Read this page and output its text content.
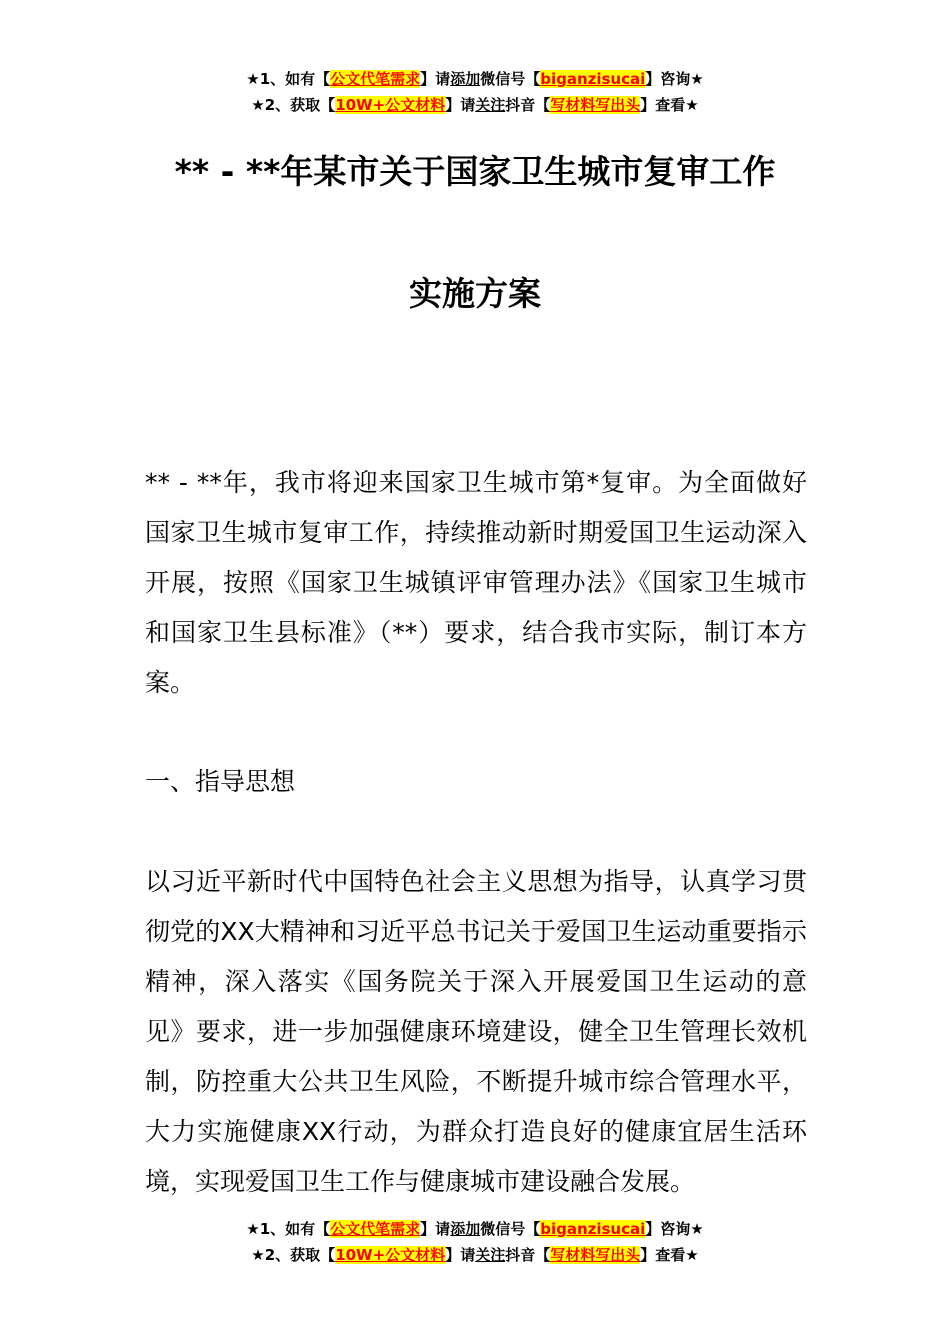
★1、如有【公文代笔需求】请添加微信号【biganzisucai】咨询★
★2、获取【10W+公文材料】请关注抖音【写材料写出头】查看★
** - **年某市关于国家卫生城市复审工作
实施方案
** - **年，我市将迎来国家卫生城市第*复审。为全面做好国家卫生城市复审工作，持续推动新时期爱国卫生运动深入开展，按照《国家卫生城镇评审管理办法》《国家卫生城市和国家卫生县标准》（**）要求，结合我市实际，制订本方案。
一、指导思想
以习近平新时代中国特色社会主义思想为指导，认真学习贯彻党的XX大精神和习近平总书记关于爱国卫生运动重要指示精神，深入落实《国务院关于深入开展爱国卫生运动的意见》要求，进一步加强健康环境建设，健全卫生管理长效机制，防控重大公共卫生风险，不断提升城市综合管理水平，大力实施健康XX行动，为群众打造良好的健康宜居生活环境，实现爱国卫生工作与健康城市建设融合发展。
★1、如有【公文代笔需求】请添加微信号【biganzisucai】咨询★
★2、获取【10W+公文材料】请关注抖音【写材料写出头】查看★
